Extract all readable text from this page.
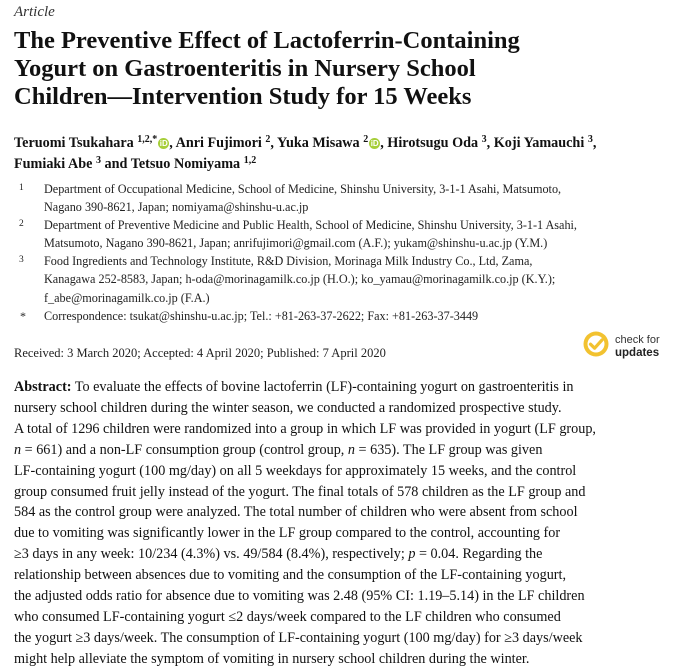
Article
The Preventive Effect of Lactoferrin-Containing
Yogurt on Gastroenteritis in Nursery School
Children—Intervention Study for 15 Weeks
Teruomi Tsukahara $^{1,2,*}$ iD , Anri Fujimori $^2$, Yuka Misawa $^2$ iD , Hirotsugu Oda $^3$, Koji Yamauchi $^3$,
Fumiaki Abe $^3$ and Tetsuo Nomiyama $^{1,2}$
1 Department of Occupational Medicine, School of Medicine, Shinshu University, 3-1-1 Asahi, Matsumoto,
Nagano 390-8621, Japan; nomiyama@shinshu-u.ac.jp
2 Department of Preventive Medicine and Public Health, School of Medicine, Shinshu University, 3-1-1 Asahi,
Matsumoto, Nagano 390-8621, Japan; anrifujimori@gmail.com (A.F.); yukam@shinshu-u.ac.jp (Y.M.)
3 Food Ingredients and Technology Institute, R&D Division, Morinaga Milk Industry Co., Ltd, Zama,
Kanagawa 252-8583, Japan; h-oda@morinagamilk.co.jp (H.O.); ko_yamau@morinagamilk.co.jp (K.Y.);
f_abe@morinagamilk.co.jp (F.A.)
* Correspondence: tsukat@shinshu-u.ac.jp; Tel.: +81-263-37-2622; Fax: +81-263-37-3449
Received: 3 March 2020; Accepted: 4 April 2020; Published: 7 April 2020
check for
updates
Abstract: To evaluate the effects of bovine lactoferrin (LF)-containing yogurt on gastroenteritis in
nursery school children during the winter season, we conducted a randomized prospective study.
A total of 1296 children were randomized into a group in which LF was provided in yogurt (LF group,
n = 661) and a non-LF consumption group (control group, n = 635). The LF group was given
LF-containing yogurt (100 mg/day) on all 5 weekdays for approximately 15 weeks, and the control
group consumed fruit jelly instead of the yogurt. The final totals of 578 children as the LF group and
584 as the control group were analyzed. The total number of children who were absent from school
due to vomiting was significantly lower in the LF group compared to the control, accounting for
≥3 days in any week: 10/234 (4.3%) vs. 49/584 (8.4%), respectively; p = 0.04. Regarding the
relationship between absences due to vomiting and the consumption of the LF-containing yogurt,
the adjusted odds ratio for absence due to vomiting was 2.48 (95% CI: 1.19–5.14) in the LF children
who consumed LF-containing yogurt ≤2 days/week compared to the LF children who consumed
the yogurt ≥3 days/week. The consumption of LF-containing yogurt (100 mg/day) for ≥3 days/week
might help alleviate the symptom of vomiting in nursery school children during the winter.
